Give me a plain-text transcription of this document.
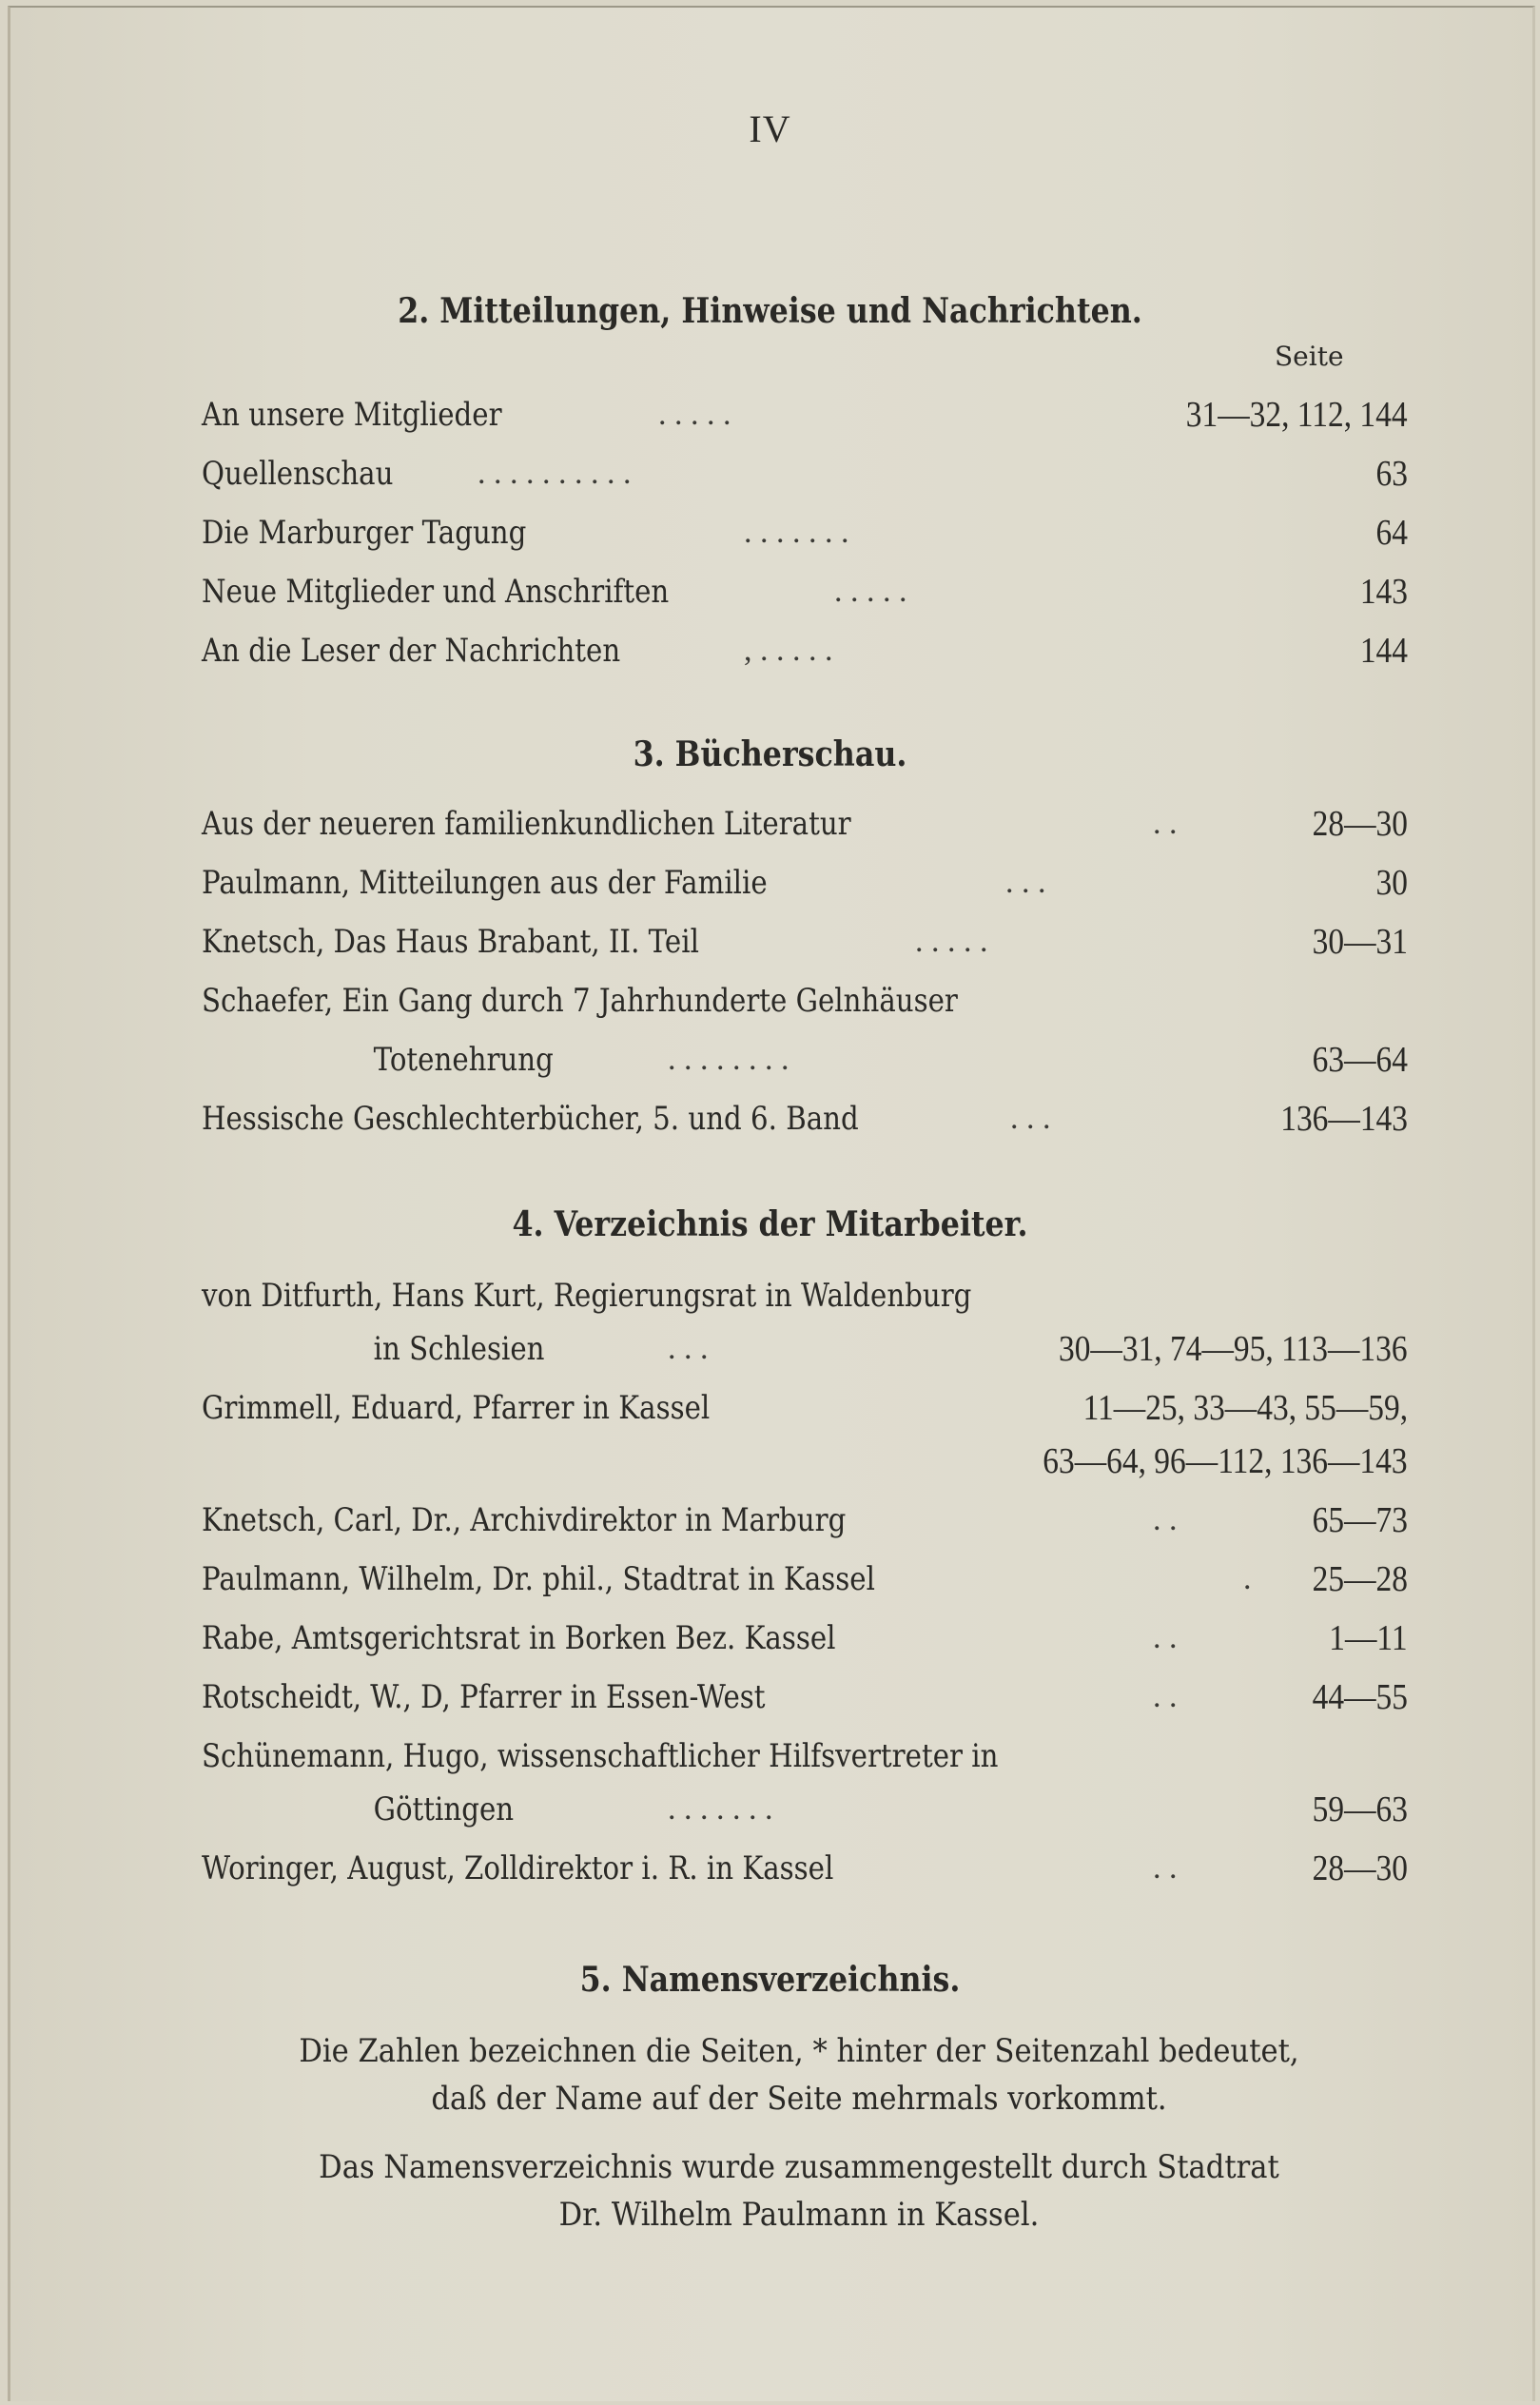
IV
2. Mitteilungen, Hinweise und Nachrichten.
Seite
An unsere Mitglieder	. . . . .	31—32, 112, 144
Quellenschau	. . . . . . . . . .	63
Die Marburger Tagung	. . . . . . .	64
Neue Mitglieder und Anschriften	. . . . .	143
An die Leser der Nachrichten	, . . . . .	144
3. Bücherschau.
Aus der neueren familienkundlichen Literatur	. .	28—30
Paulmann, Mitteilungen aus der Familie	. . .	30
Knetsch, Das Haus Brabant, II. Teil	. . . . .	30—31
Schaefer, Ein Gang durch 7 Jahrhunderte Gelnhäuser
Totenehrung	. . . . . . . .	63—64
Hessische Geschlechterbücher, 5. und 6. Band	. . .	136—143
4. Verzeichnis der Mitarbeiter.
von Ditfurth, Hans Kurt, Regierungsrat in Waldenburg
in Schlesien	. . .	30—31, 74—95, 113—136
Grimmell, Eduard, Pfarrer in Kassel	11—25, 33—43, 55—59,
63—64, 96—112, 136—143
Knetsch, Carl, Dr., Archivdirektor in Marburg	. .	65—73
Paulmann, Wilhelm, Dr. phil., Stadtrat in Kassel	. 25—28
Rabe, Amtsgerichtsrat in Borken Bez. Kassel	. .	1—11
Rotscheidt, W., D, Pfarrer in Essen-West	. .	44—55
Schünemann, Hugo, wissenschaftlicher Hilfsvertreter in
Göttingen	. . . . . . .	59—63
Woringer, August, Zolldirektor i. R. in Kassel	. .	28—30
5. Namensverzeichnis.
Die Zahlen bezeichnen die Seiten, * hinter der Seitenzahl bedeutet,
daß der Name auf der Seite mehrmals vorkommt.
Das Namensverzeichnis wurde zusammengestellt durch Stadtrat
Dr. Wilhelm Paulmann in Kassel.
